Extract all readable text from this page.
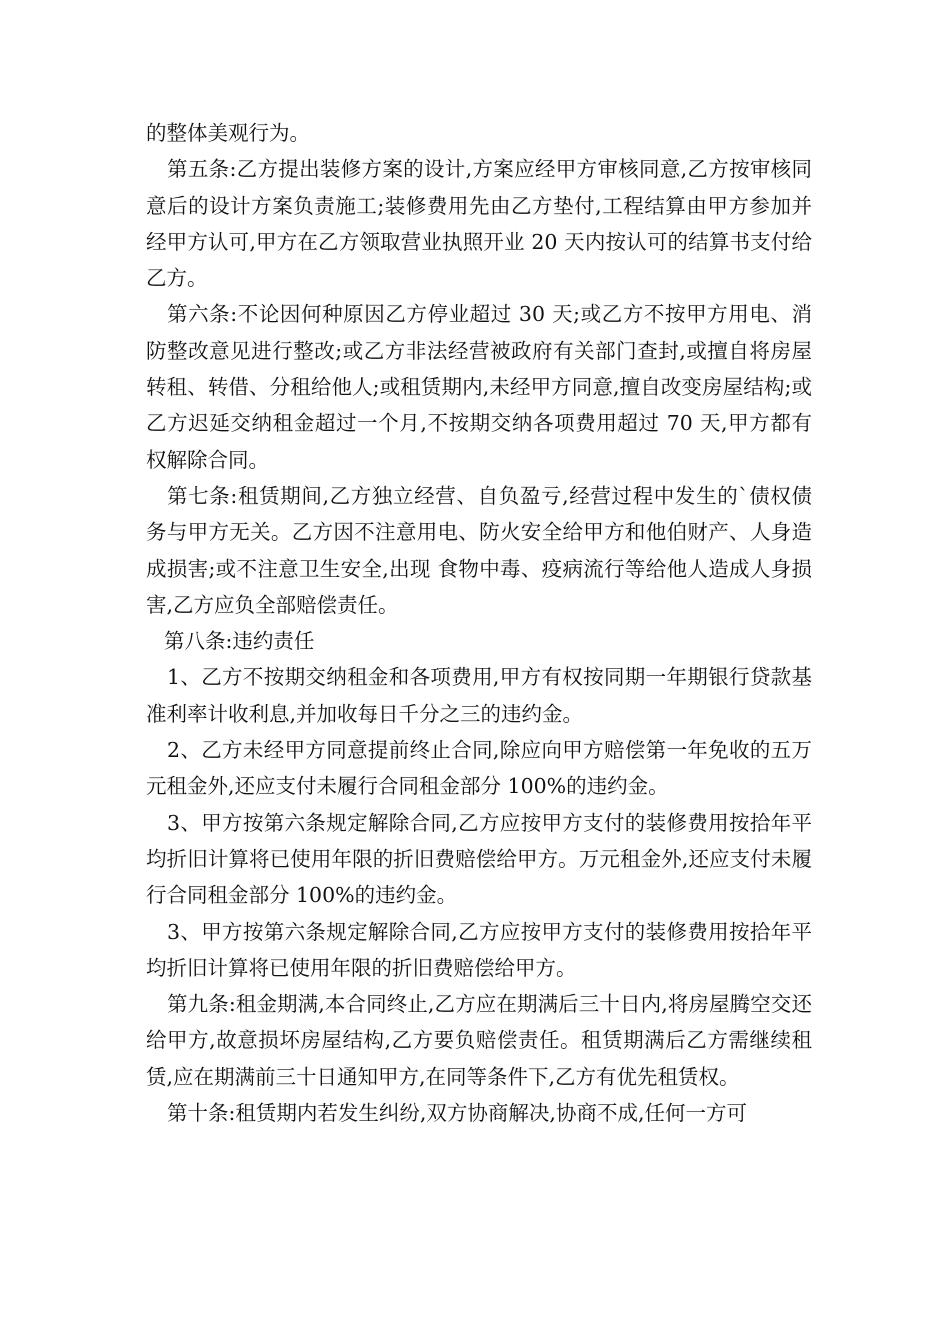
的整体美观行为。

第五条:乙方提出装修方案的设计,方案应经甲方审核同意,乙方按审核同意后的设计方案负责施工;装修费用先由乙方垫付,工程结算由甲方参加并经甲方认可,甲方在乙方领取营业执照开业 20 天内按认可的结算书支付给乙方。

第六条:不论因何种原因乙方停业超过 30 天;或乙方不按甲方用电、消防整改意见进行整改;或乙方非法经营被政府有关部门查封,或擅自将房屋转租、转借、分租给他人;或租赁期内,未经甲方同意,擅自改变房屋结构;或乙方迟延交纳租金超过一个月,不按期交纳各项费用超过 70 天,甲方都有权解除合同。

第七条:租赁期间,乙方独立经营、自负盈亏,经营过程中发生的`债权债务与甲方无关。乙方因不注意用电、防火安全给甲方和他伯财产、人身造成损害;或不注意卫生安全,出现 食物中毒、疫病流行等给他人造成人身损害,乙方应负全部赔偿责任。

第八条:违约责任

1、乙方不按期交纳租金和各项费用,甲方有权按同期一年期银行贷款基准利率计收利息,并加收每日千分之三的违约金。

2、乙方未经甲方同意提前终止合同,除应向甲方赔偿第一年免收的五万元租金外,还应支付未履行合同租金部分 100%的违约金。

3、甲方按第六条规定解除合同,乙方应按甲方支付的装修费用按拾年平均折旧计算将已使用年限的折旧费赔偿给甲方。万元租金外,还应支付未履行合同租金部分 100%的违约金。

3、甲方按第六条规定解除合同,乙方应按甲方支付的装修费用按拾年平均折旧计算将已使用年限的折旧费赔偿给甲方。

第九条:租金期满,本合同终止,乙方应在期满后三十日内,将房屋腾空交还给甲方,故意损坏房屋结构,乙方要负赔偿责任。租赁期满后乙方需继续租赁,应在期满前三十日通知甲方,在同等条件下,乙方有优先租赁权。

第十条:租赁期内若发生纠纷,双方协商解决,协商不成,任何一方可
